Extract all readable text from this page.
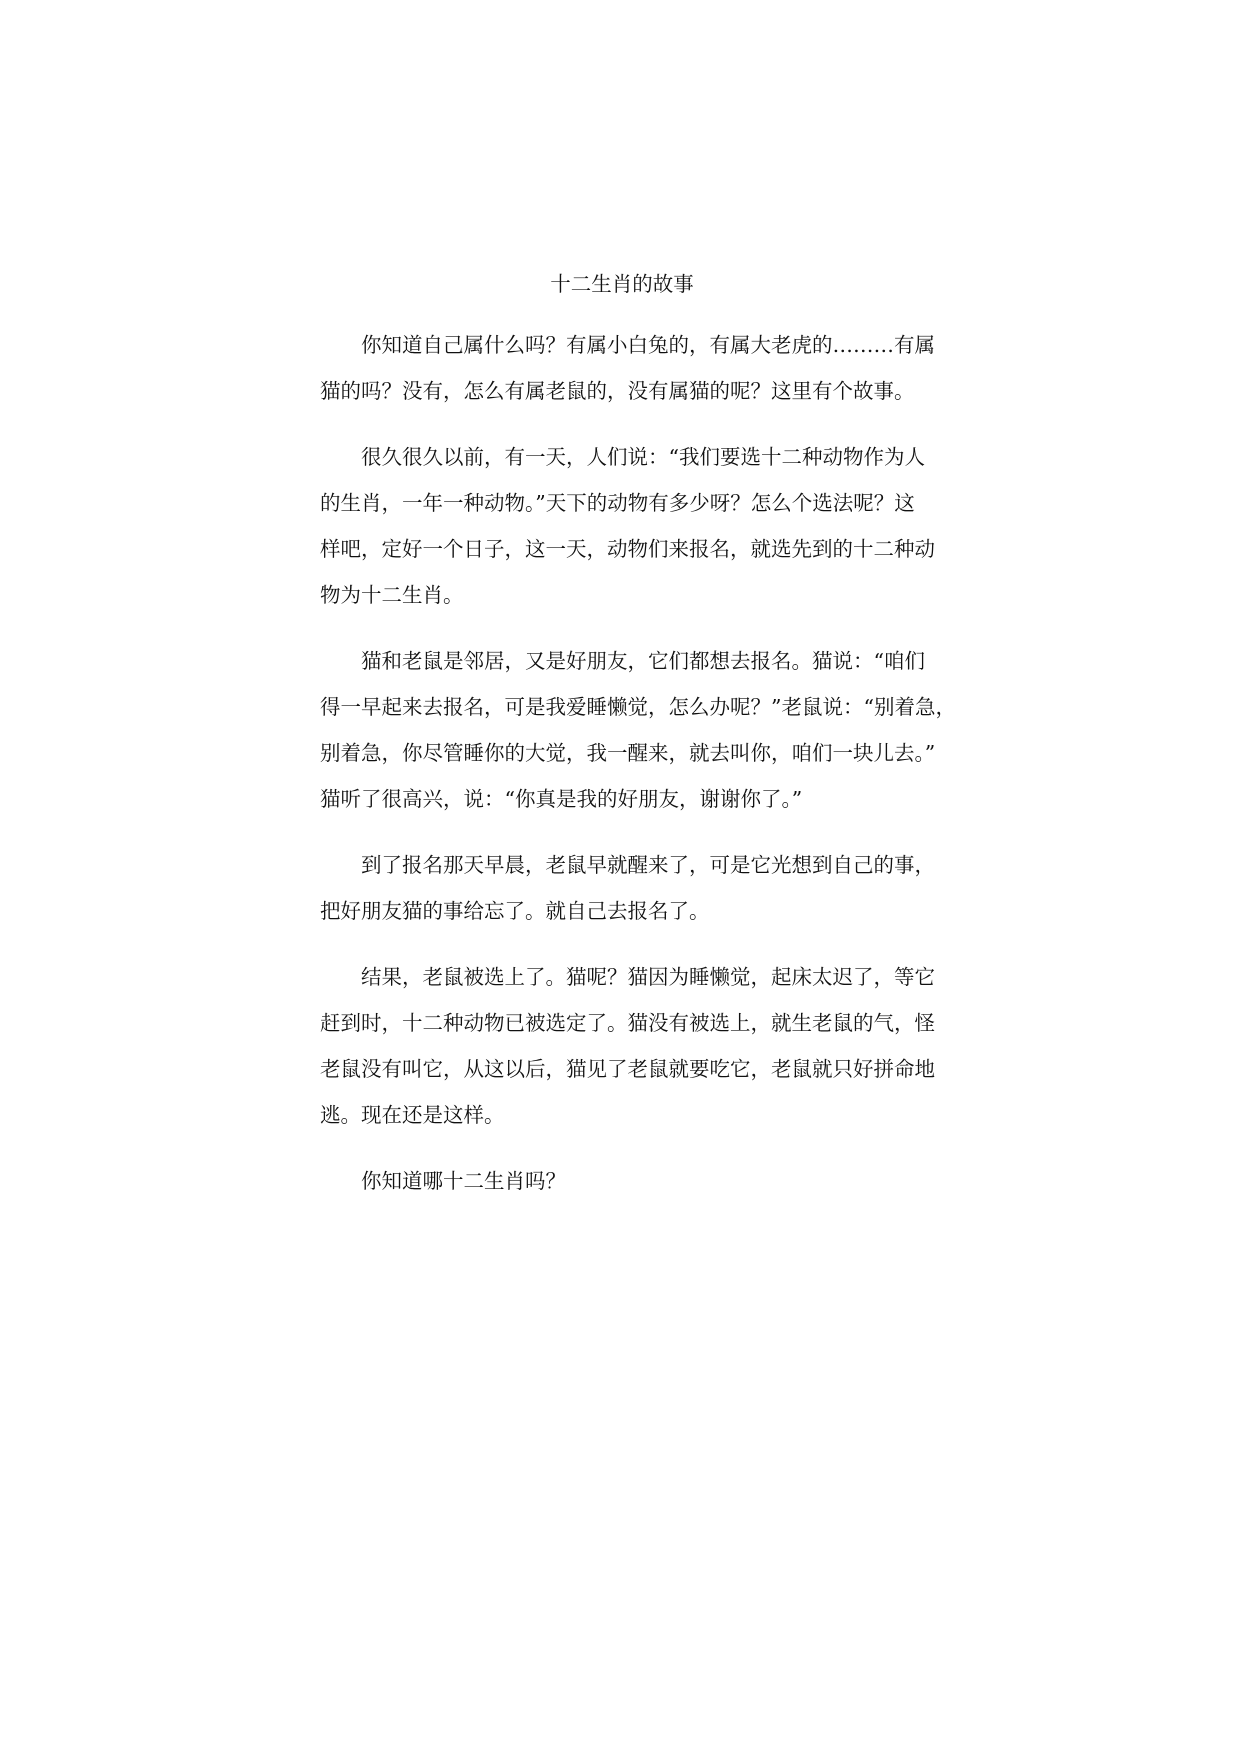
十二生肖的故事

你知道自己属什么吗？有属小白兔的，有属大老虎的………有属
猫的吗？没有，怎么有属老鼠的，没有属猫的呢？这里有个故事。

很久很久以前，有一天，人们说：“我们要选十二种动物作为人
的生肖，一年一种动物。”天下的动物有多少呀？怎么个选法呢？这
样吧，定好一个日子，这一天，动物们来报名，就选先到的十二种动
物为十二生肖。

猫和老鼠是邻居，又是好朋友，它们都想去报名。猫说：“咱们
得一早起来去报名，可是我爱睡懒觉，怎么办呢？”老鼠说：“别着急，
别着急，你尽管睡你的大觉，我一醒来，就去叫你，咱们一块儿去。”
猫听了很高兴，说：“你真是我的好朋友，谢谢你了。”

到了报名那天早晨，老鼠早就醒来了，可是它光想到自己的事，
把好朋友猫的事给忘了。就自己去报名了。

结果，老鼠被选上了。猫呢？猫因为睡懒觉，起床太迟了，等它
赶到时，十二种动物已被选定了。猫没有被选上，就生老鼠的气，怪
老鼠没有叫它，从这以后，猫见了老鼠就要吃它，老鼠就只好拼命地
逃。现在还是这样。

你知道哪十二生肖吗？
